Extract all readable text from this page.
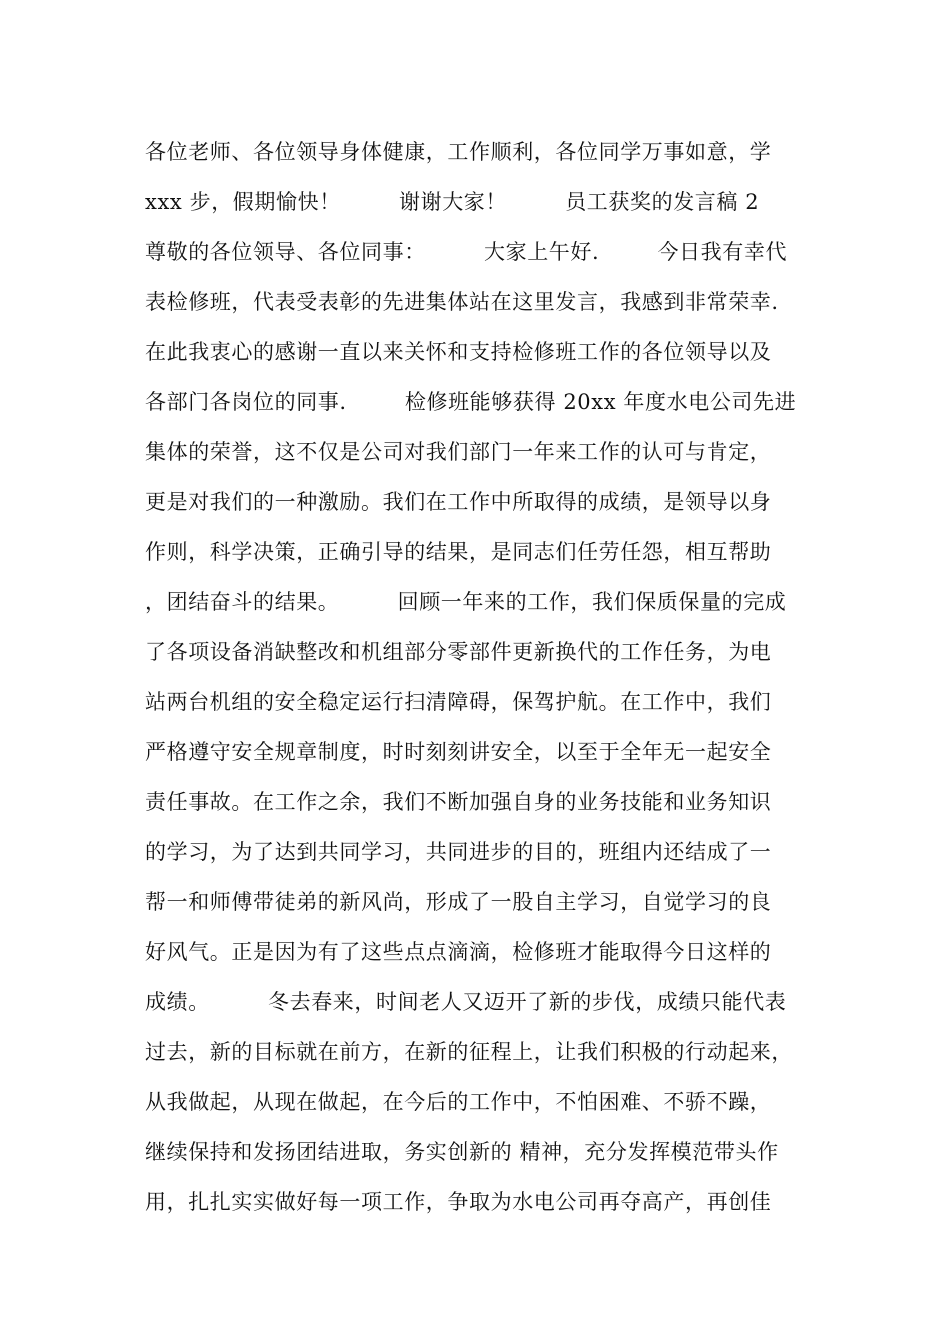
各位老师、各位领导身体健康，工作顺利，各位同学万事如意，学
xxx 步，假期愉快！        谢谢大家！        员工获奖的发言稿 2
尊敬的各位领导、各位同事：        大家上午好.        今日我有幸代
表检修班，代表受表彰的先进集体站在这里发言，我感到非常荣幸.
在此我衷心的感谢一直以来关怀和支持检修班工作的各位领导以及
各部门各岗位的同事.        检修班能够获得 20xx 年度水电公司先进
集体的荣誉，这不仅是公司对我们部门一年来工作的认可与肯定，
更是对我们的一种激励。我们在工作中所取得的成绩，是领导以身
作则，科学决策，正确引导的结果，是同志们任劳任怨，相互帮助
，团结奋斗的结果。        回顾一年来的工作，我们保质保量的完成
了各项设备消缺整改和机组部分零部件更新换代的工作任务，为电
站两台机组的安全稳定运行扫清障碍，保驾护航。在工作中，我们
严格遵守安全规章制度，时时刻刻讲安全，以至于全年无一起安全
责任事故。在工作之余，我们不断加强自身的业务技能和业务知识
的学习，为了达到共同学习，共同进步的目的，班组内还结成了一
帮一和师傅带徒弟的新风尚，形成了一股自主学习，自觉学习的良
好风气。正是因为有了这些点点滴滴，检修班才能取得今日这样的
成绩。        冬去春来，时间老人又迈开了新的步伐，成绩只能代表
过去，新的目标就在前方，在新的征程上，让我们积极的行动起来，
从我做起，从现在做起，在今后的工作中，不怕困难、不骄不躁，
继续保持和发扬团结进取，务实创新的 精神，充分发挥模范带头作
用，扎扎实实做好每一项工作，争取为水电公司再夺高产，再创佳
